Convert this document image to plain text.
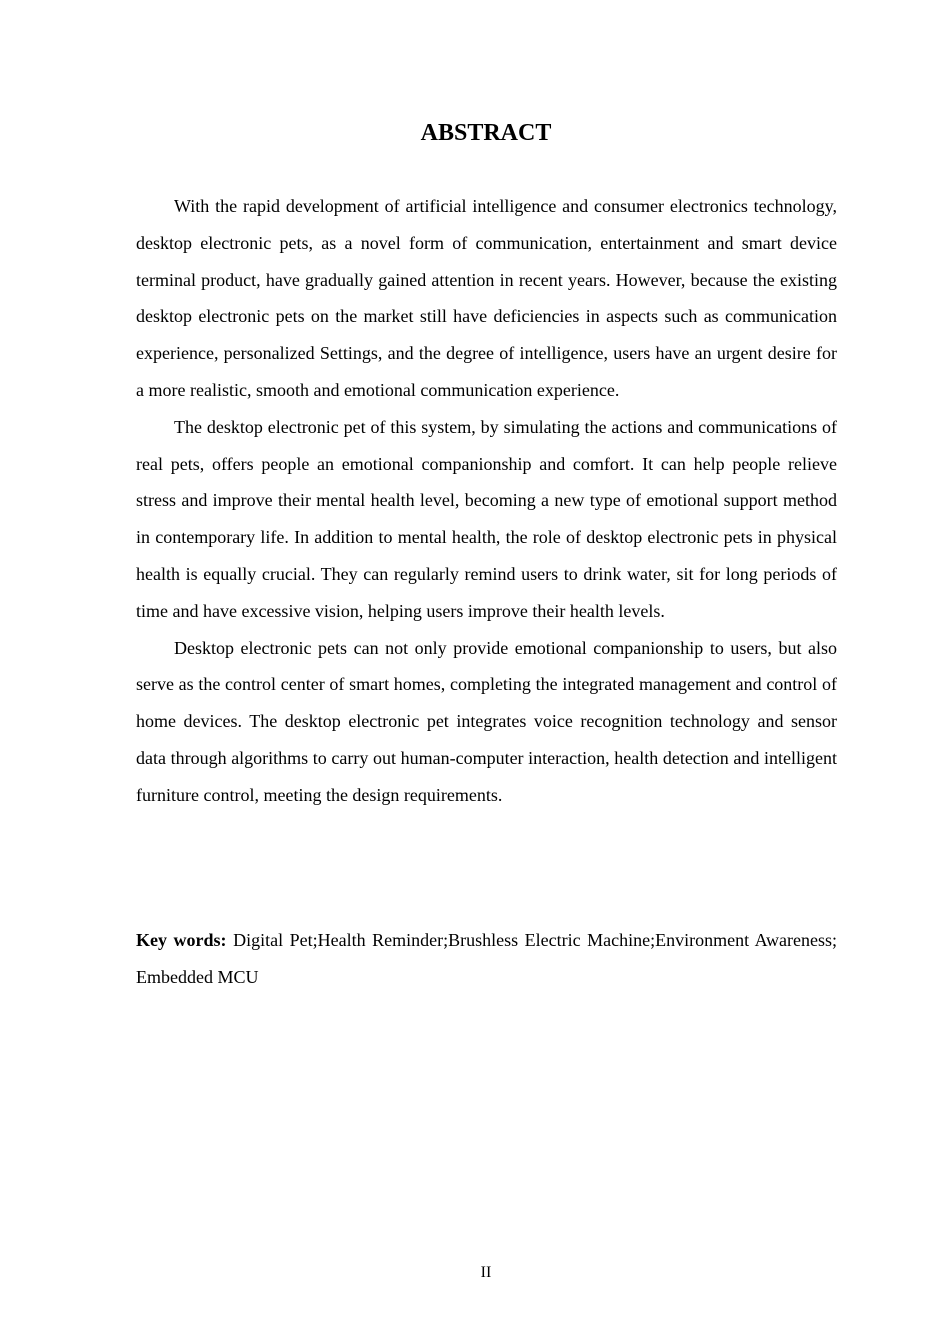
ABSTRACT

With the rapid development of artificial intelligence and consumer electronics technology, desktop electronic pets, as a novel form of communication, entertainment and smart device terminal product, have gradually gained attention in recent years. However, because the existing desktop electronic pets on the market still have deficiencies in aspects such as communication experience, personalized Settings, and the degree of intelligence, users have an urgent desire for a more realistic, smooth and emotional communication experience.

The desktop electronic pet of this system, by simulating the actions and communications of real pets, offers people an emotional companionship and comfort. It can help people relieve stress and improve their mental health level, becoming a new type of emotional support method in contemporary life. In addition to mental health, the role of desktop electronic pets in physical health is equally crucial. They can regularly remind users to drink water, sit for long periods of time and have excessive vision, helping users improve their health levels.

Desktop electronic pets can not only provide emotional companionship to users, but also serve as the control center of smart homes, completing the integrated management and control of home devices. The desktop electronic pet integrates voice recognition technology and sensor data through algorithms to carry out human-computer interaction, health detection and intelligent furniture control, meeting the design requirements.

Key words: Digital Pet;Health Reminder;Brushless Electric Machine;Environment Awareness; Embedded MCU

II
